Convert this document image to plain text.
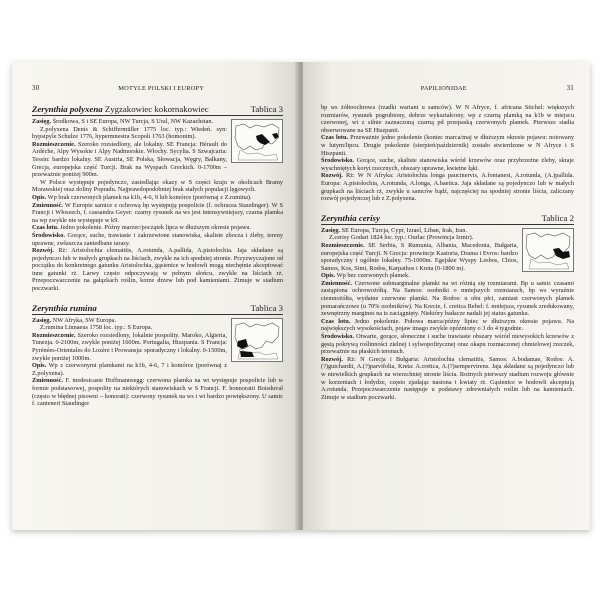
30	MOTYLE POLSKI I EUROPY
Zerynthia polyxena Zygzakowiec kokornakowiec	Tablica 3

Zasięg. Środkowa, S i SE Europa, NW Turcja, S Ural, NW Kazachstan.

Z.polyxena Denis & Schiffermüller 1775 loc. typ.: Wiedeń. syn: hypsipyle Schulze 1776, hypermnestra Scopoli 1763 (homonim).

Rozmieszczenie. Szeroko rozsiedlony, ale lokalny. SE Francja: Hérault do Ardèche, Alpy Wysokie i Alpy Nadmorskie. Włochy. Sycylia. S Szwajcaria: Tessin: bardzo lokalny. SE Austria, SE Polska, Słowacja, Węgry, Bałkany, Grecja, europejska część Turcji. Brak na Wyspach Greckich. 0-1700m – przeważnie poniżej 900m.

W Polsce występuje pojedynczo, zasiedlając okazy w S części kraju w okolicach Bramy Morawskiej oraz doliny Popradu. Najprawdopodobniej brak stałych populacji lęgowych.

Opis. Wp brak czerwonych plamek na k1b, 4-6, 9 lub komórce (porównaj z Z.rumina).

Zmienność. W Europie samice z ochrową bp występują pospolicie (f. ochracea Staudinger). W S Francji i Włoszech, f. cassandra Geyer: czarny rysunek na ws jest intensywniejszy, czarna plamka na wp zwykle nie występuje w k9.

Czas lotu. Jedno pokolenie. Późny marzec/początek lipca w dłuższym okresie pojawu.

Środowisko. Gorące, suche, trawiaste i zakrzewione stanowiska, skaliste zbocza i żleby, tereny uprawne, zwłaszcza zaniedbane tarasy.

Rozwój. Rż: Aristolochia clematitis, A.rotunda, A.pallida, A.pistolochia. Jaja składane są pojedynczo lub w małych grupkach na liściach, zwykle na ich spodniej stronie. Przyzwyczajone od początku do konkretnego gatunku Aristolochia, gąsienice w hodowli mogą niechętnie akceptować inne gatunki rż. Larwy często odpoczywają w pełnym słońcu, zwykle na liściach rż. Przepoczwarczenie na gałązkach roślin, korze drzew lub pod kamieniami. Zimuje w stadium poczwarki.

Zerynthia rumina	Tablica 3

Zasięg. NW Afryka, SW Europa.

Z.rumina Linnaeus 1758 loc. typ.: S Europa.

Rozmieszczenie. Szeroko rozsiedlony, lokalnie pospolity. Maroko, Algieria, Tunezja. 0-2100m, zwykle poniżej 1600m. Portugalia, Hiszpania. S Francja: Pyrénées-Orientales do Lozère i Prowansja: sporadyczny i lokalny. 0-1500m, zwykle poniżej 1000m.

Opis. Wp z czerwonymi plamkami na k1b, 4-6, 7 i komórce (porównaj z Z.polyxena).

Zmienność. F. medesicaste Hoffmannsegg: czerwona plamka na wt występuje pospolicie lub w formie podstawowej, pospolity na niektórych stanowiskach w S Francji. F. honnoratii Boisduval (często w błędnej pisowni – honorati): czerwony rysunek na ws i wt bardzo powiększony. U samic f. canteneri Staudinger

PAPILIONIDAE	31

bp ws żółtoochrowa (rzadki wariant u samców). W N Afryce, f. africana Stichel: większych rozmiarów, rysunek pogrubiony, dobrze wykształcony, wp z czarną plamką na k1b w miejscu czerwonej, wt z silnie zaznaczoną czarną pd przepaską czerwonych plamek. Pierwsze stadia obserwowane na SE Hiszpanii.

Czas lotu. Przeważnie jedno pokolenie (koniec marca/maj w dłuższym okresie pojawu: notowany w lutym/lipcu. Drugie pokolenie (sierpień/październik) zostało stwierdzone w N Afryce i S Hiszpanii.

Środowisko. Gorące, suche, skaliste stanowiska wśród krzewów oraz przybrzeżne żleby, skraje wyschniętych koryt rzecznych, obszary uprawne, kwietne łąki.

Rozwój. Rż: W N Afryka: Aristolochia longa paucinervis, A.fontanesi, A.rotunda, (A.)pallida. Europa: A.pistolochia, A.rotunda, A.longa, A.baetica. Jaja składane są pojedynczo lub w małych grupkach na liściach rż, zwykle u samców bądź, najczęściej na spodniej stronie liścia, zaliczany rozwój pojedynczej lub z Z.polyxena.

Zerynthia cerisy	Tablica 2

Zasięg. SE Europa, Turcja, Cypr, Izrael, Liban, Irak, Iran.

Z.cerisy Godart 1824 loc. typ.: Ourlac (Prowincja Izmir).

Rozmieszczenie. SE Serbia, S Rumunia, Albania, Macedonia, Bułgaria, europejska część Turcji. N Grecja: prowincje Kastoria, Drama i Evros: bardzo sporadyczny i ogólnie lokalny. 75-1000m. Egejskie Wyspy Lesbos, Chios, Samos, Kos, Simi, Rodos, Karpathos i Kreta (0-1800 m).

Opis. Wp bez czerwonych plamek.

Zmienność. Czerwone submarginalne plamki na wt różnią się rozmiarami. Bp u samic czasami zastąpiona ochrowożółtą. Na Samos: osobniki o mniejszych rozmiarach, bp ws wyraźnie ciemnożółta, wydatne czerwone plamki. Na Rodos: u obu płci, zamiast czerwonych plamek pomarańczowe (u 70% osobników). Na Krecie, f. cretica Rebel: f. mniejsza, rysunek zredukowany, zewnętrzny margines na ts zaciągnięty. Niektóry badacze nadali jej status gatunku.

Czas lotu. Jedno pokolenie. Połowa marca/późny lipiec w dłuższym okresie pojawu. Na największych wysokościach, pojaw imago zwykle opóźniony o 3 do 4 tygodnie.

Środowisko. Otwarte, gorące, słoneczne i suche trawiaste obszary wśród niewysokich krzewów z gęstą pokrywą roślinności zielnej i sylwopofitycznej oraz okapu rozmaczonej chmielowej rzeczek, przeważnie na płaskich terenach.

Rozwój. Rż: N Grecja i Bułgaria: Aristolochia clematitis, Samos: A.bodamae, Rodos: A.(?)guichardii, A.(?)parvifolia, Kreta: A.cretica, A.(?)sempervirens. Jaja składane są pojedynczo lub w niewielkich grupkach na wierzchniej stronie liścia. Rożnych pierwszy stadium rozwoju głównie w korzeniach i łodydze, często zjadając nasiona i kwiaty rż. Gąsienice w hodowli akceptują A.rotunda. Przepoczwarczenie następuje u podstawy zdrewniałych roślin lub na kamieniach. Zimuje w stadium poczwarki.
